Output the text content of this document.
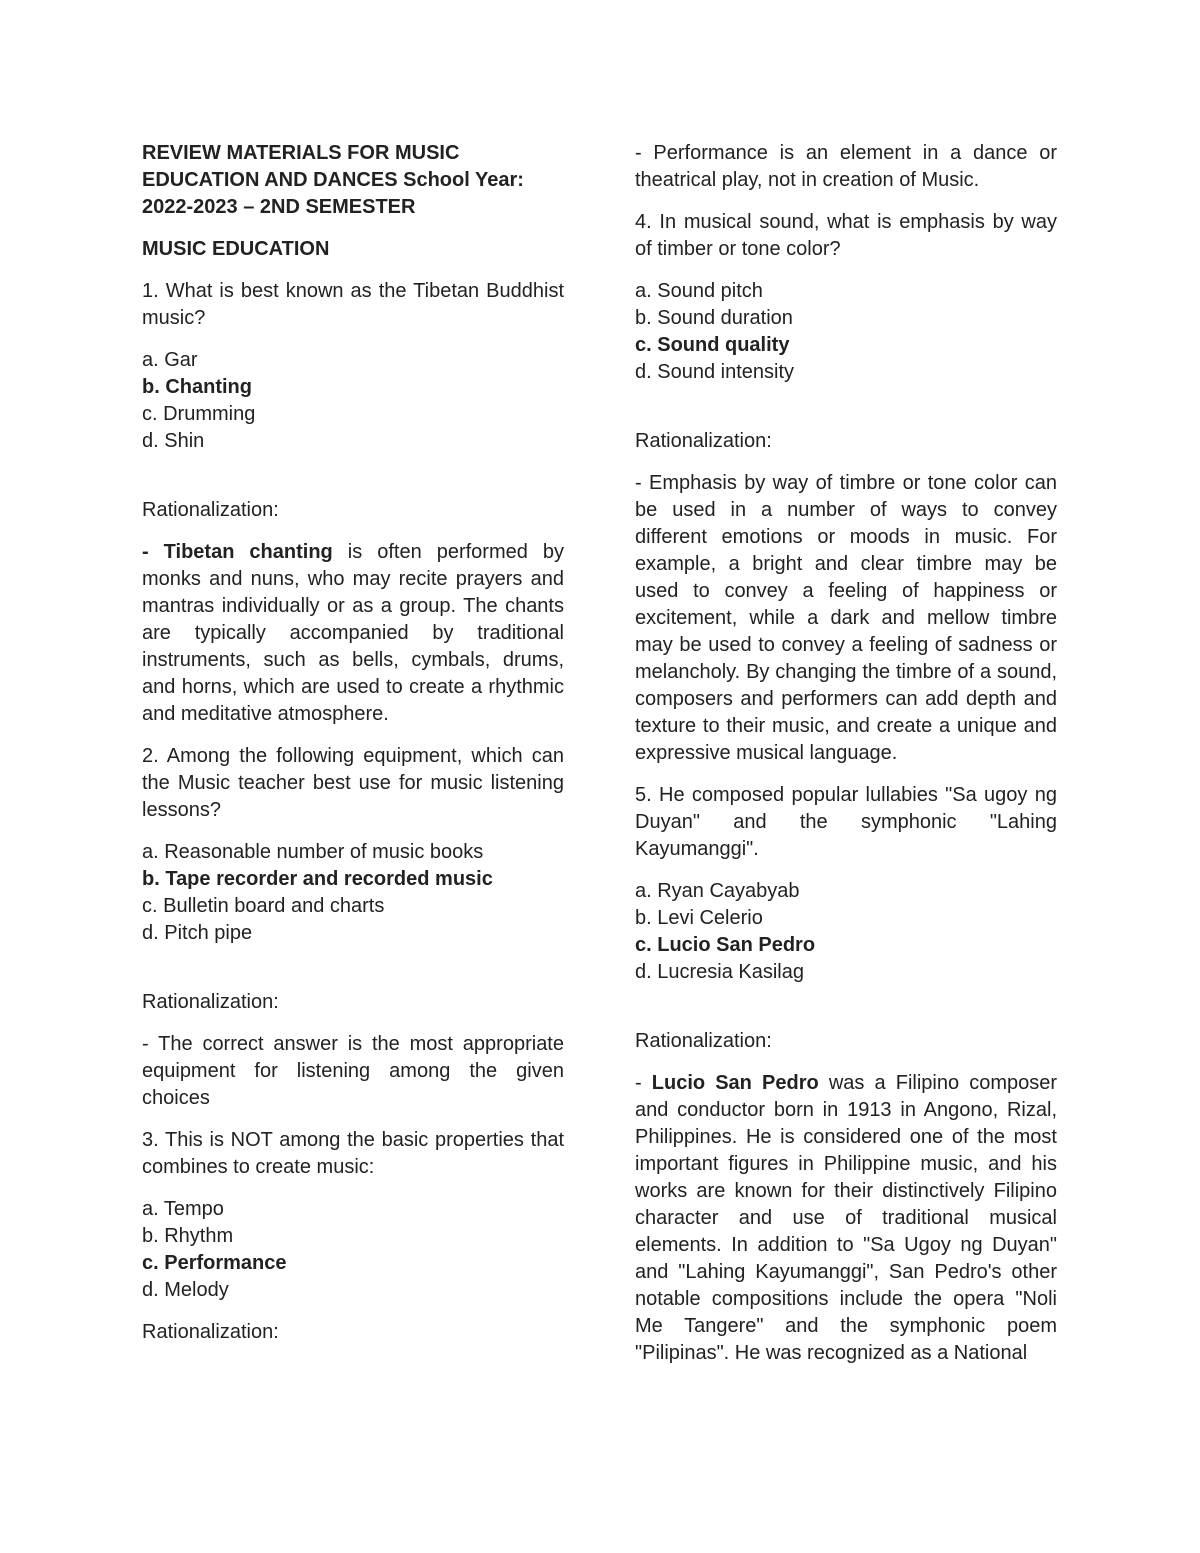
REVIEW MATERIALS FOR MUSIC EDUCATION AND DANCES School Year: 2022-2023 – 2ND SEMESTER

MUSIC EDUCATION

1. What is best known as the Tibetan Buddhist music?

a. Gar
b. Chanting
c. Drumming
d. Shin

Rationalization:

- Tibetan chanting is often performed by monks and nuns, who may recite prayers and mantras individually or as a group. The chants are typically accompanied by traditional instruments, such as bells, cymbals, drums, and horns, which are used to create a rhythmic and meditative atmosphere.

2. Among the following equipment, which can the Music teacher best use for music listening lessons?

a. Reasonable number of music books
b. Tape recorder and recorded music
c. Bulletin board and charts
d. Pitch pipe

Rationalization:

- The correct answer is the most appropriate equipment for listening among the given choices

3. This is NOT among the basic properties that combines to create music:

a. Tempo
b. Rhythm
c. Performance
d. Melody

Rationalization:

- Performance is an element in a dance or theatrical play, not in creation of Music.

4. In musical sound, what is emphasis by way of timber or tone color?

a. Sound pitch
b. Sound duration
c. Sound quality
d. Sound intensity

Rationalization:

- Emphasis by way of timbre or tone color can be used in a number of ways to convey different emotions or moods in music. For example, a bright and clear timbre may be used to convey a feeling of happiness or excitement, while a dark and mellow timbre may be used to convey a feeling of sadness or melancholy. By changing the timbre of a sound, composers and performers can add depth and texture to their music, and create a unique and expressive musical language.

5. He composed popular lullabies "Sa ugoy ng Duyan" and the symphonic "Lahing Kayumanggi".

a. Ryan Cayabyab
b. Levi Celerio
c. Lucio San Pedro
d. Lucresia Kasilag

Rationalization:

- Lucio San Pedro was a Filipino composer and conductor born in 1913 in Angono, Rizal, Philippines. He is considered one of the most important figures in Philippine music, and his works are known for their distinctively Filipino character and use of traditional musical elements. In addition to "Sa Ugoy ng Duyan" and "Lahing Kayumanggi", San Pedro's other notable compositions include the opera "Noli Me Tangere" and the symphonic poem "Pilipinas". He was recognized as a National
